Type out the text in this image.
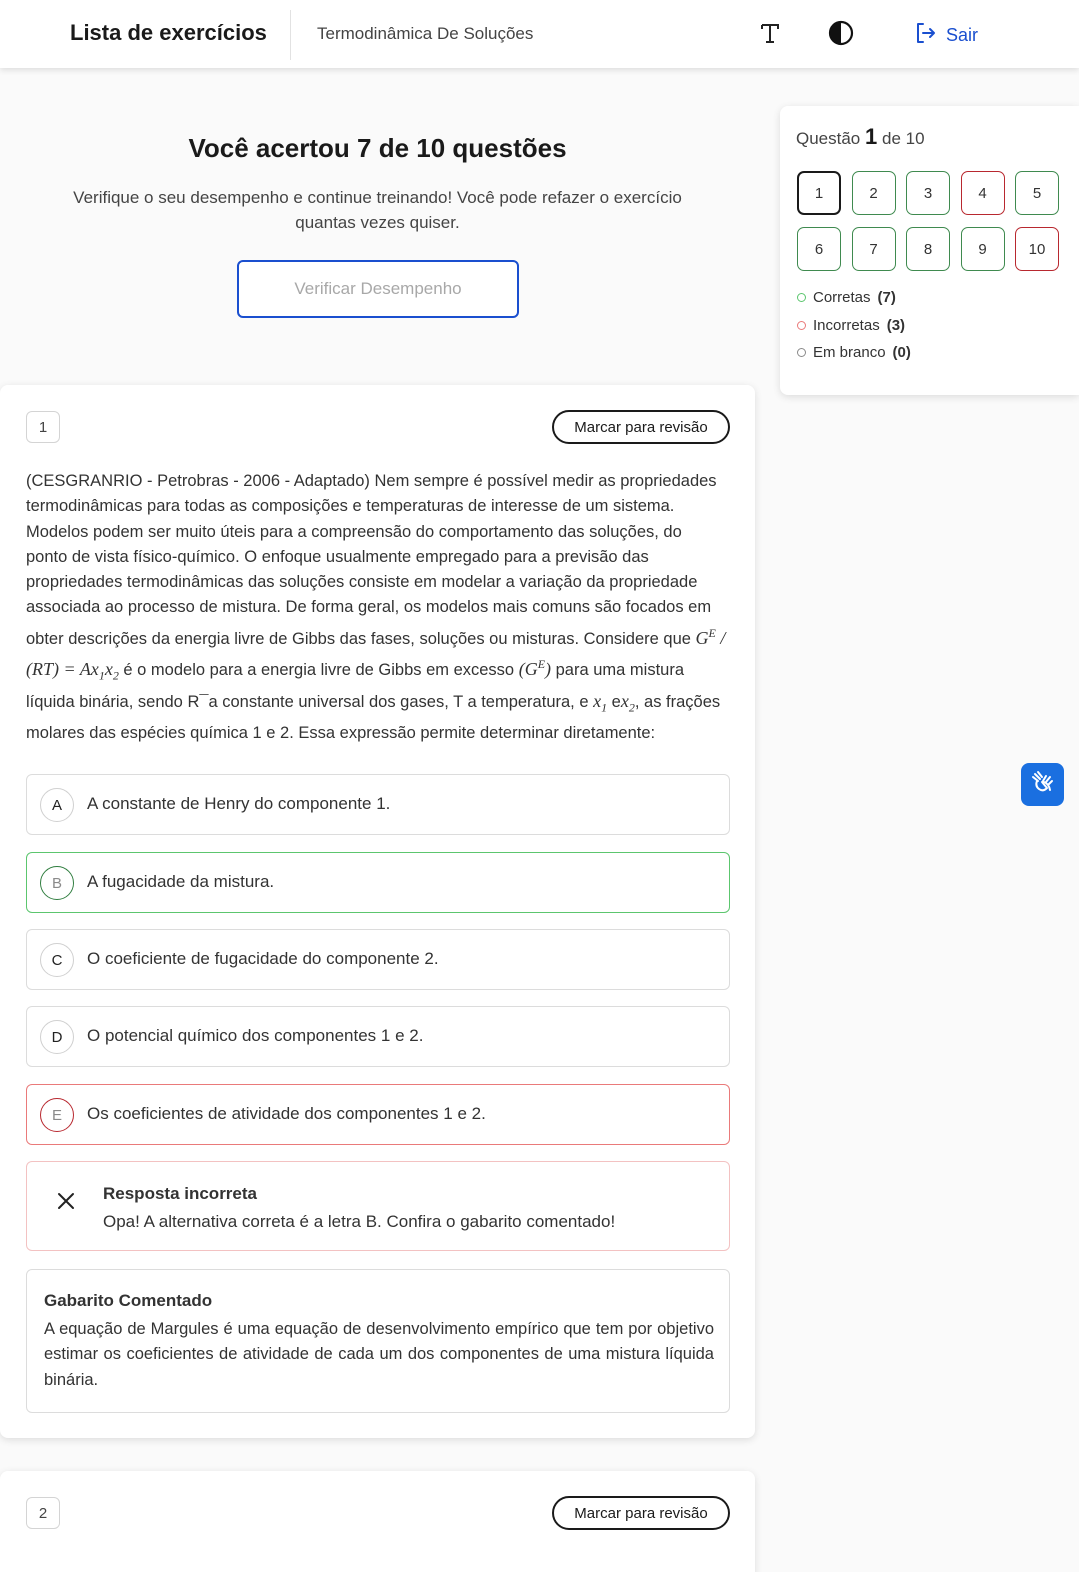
Lista de exercícios	Termodinâmica De Soluções	Sair
Você acertou 7 de 10 questões
Verifique o seu desempenho e continue treinando! Você pode refazer o exercício quantas vezes quiser.
Verificar Desempenho
Questão 1 de 10
1	2	3	4	5
6	7	8	9	10
Corretas (7)
Incorretas (3)
Em branco (0)
1	Marcar para revisão
(CESGRANRIO - Petrobras - 2006 - Adaptado) Nem sempre é possível medir as propriedades termodinâmicas para todas as composições e temperaturas de interesse de um sistema. Modelos podem ser muito úteis para a compreensão do comportamento das soluções, do ponto de vista físico-químico. O enfoque usualmente empregado para a previsão das propriedades termodinâmicas das soluções consiste em modelar a variação da propriedade associada ao processo de mistura. De forma geral, os modelos mais comuns são focados em obter descrições da energia livre de Gibbs das fases, soluções ou misturas. Considere que $G^E / (RT) = Ax_1x_2$ é o modelo para a energia livre de Gibbs em excesso $(G^E)$ para uma mistura líquida binária, sendo R¯a constante universal dos gases, T a temperatura, e $x_1$ $ex_2$, as frações molares das espécies química 1 e 2. Essa expressão permite determinar diretamente:
A	A constante de Henry do componente 1.
B	A fugacidade da mistura.
C	O coeficiente de fugacidade do componente 2.
D	O potencial químico dos componentes 1 e 2.
E	Os coeficientes de atividade dos componentes 1 e 2.
Resposta incorreta
Opa! A alternativa correta é a letra B. Confira o gabarito comentado!
Gabarito Comentado
A equação de Margules é uma equação de desenvolvimento empírico que tem por objetivo estimar os coeficientes de atividade de cada um dos componentes de uma mistura líquida binária.
2	Marcar para revisão
